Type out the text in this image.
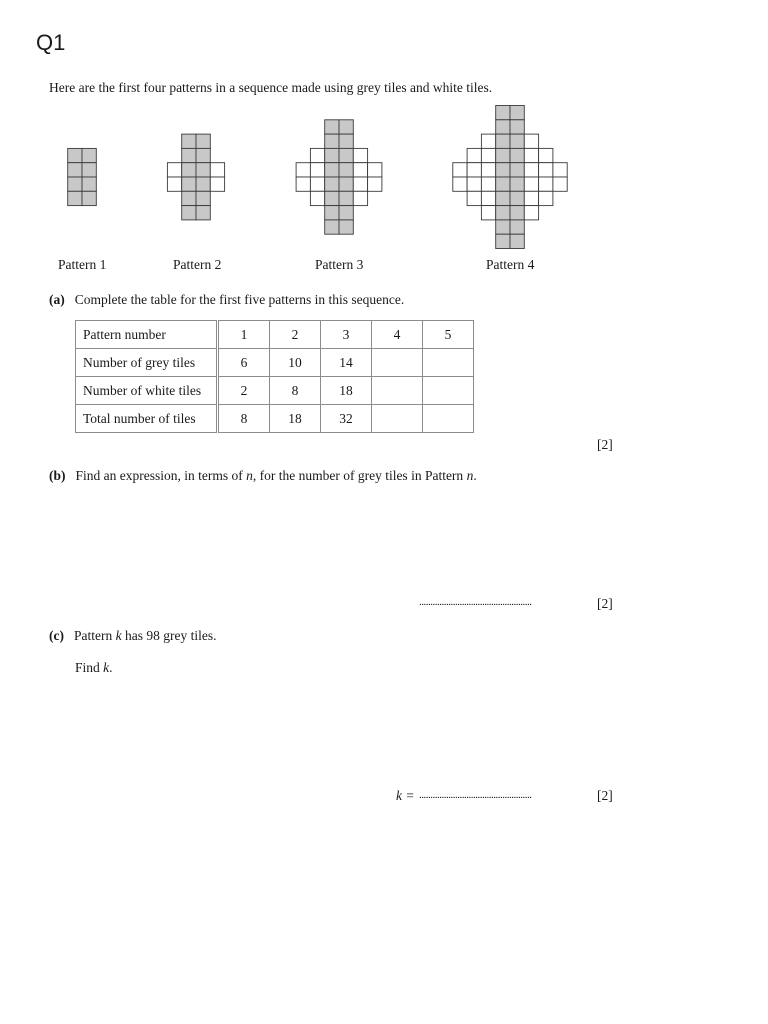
Q1
Here are the first four patterns in a sequence made using grey tiles and white tiles.
Pattern 1	Pattern 2	Pattern 3	Pattern 4
(a) Complete the table for the first five patterns in this sequence.
Pattern number	1	2	3	4	5
Number of grey tiles	6	10	14		
Number of white tiles	2	8	18		
Total number of tiles	8	18	32		
[2]
(b) Find an expression, in terms of n, for the number of grey tiles in Pattern n.
..................................................	[2]
(c) Pattern k has 98 grey tiles.
Find k.
k = ..................................................	[2]
